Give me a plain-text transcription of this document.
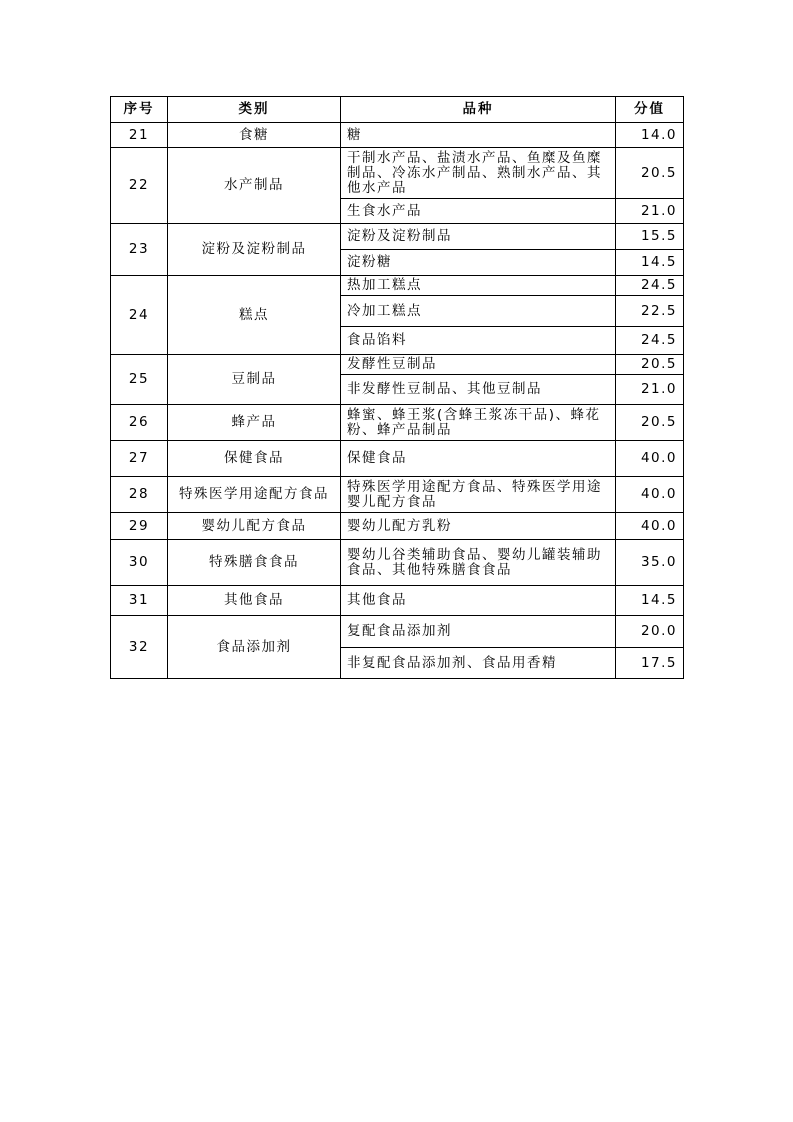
序号	类别	品种	分值
21	食糖	糖	14.0
22	水产制品	干制水产品、盐渍水产品、鱼糜及鱼糜制品、冷冻水产制品、熟制水产品、其他水产品	20.5
		生食水产品	21.0
23	淀粉及淀粉制品	淀粉及淀粉制品	15.5
		淀粉糖	14.5
24	糕点	热加工糕点	24.5
		冷加工糕点	22.5
		食品馅料	24.5
25	豆制品	发酵性豆制品	20.5
		非发酵性豆制品、其他豆制品	21.0
26	蜂产品	蜂蜜、蜂王浆(含蜂王浆冻干品)、蜂花粉、蜂产品制品	20.5
27	保健食品	保健食品	40.0
28	特殊医学用途配方食品	特殊医学用途配方食品、特殊医学用途婴儿配方食品	40.0
29	婴幼儿配方食品	婴幼儿配方乳粉	40.0
30	特殊膳食食品	婴幼儿谷类辅助食品、婴幼儿罐装辅助食品、其他特殊膳食食品	35.0
31	其他食品	其他食品	14.5
32	食品添加剂	复配食品添加剂	20.0
		非复配食品添加剂、食品用香精	17.5
